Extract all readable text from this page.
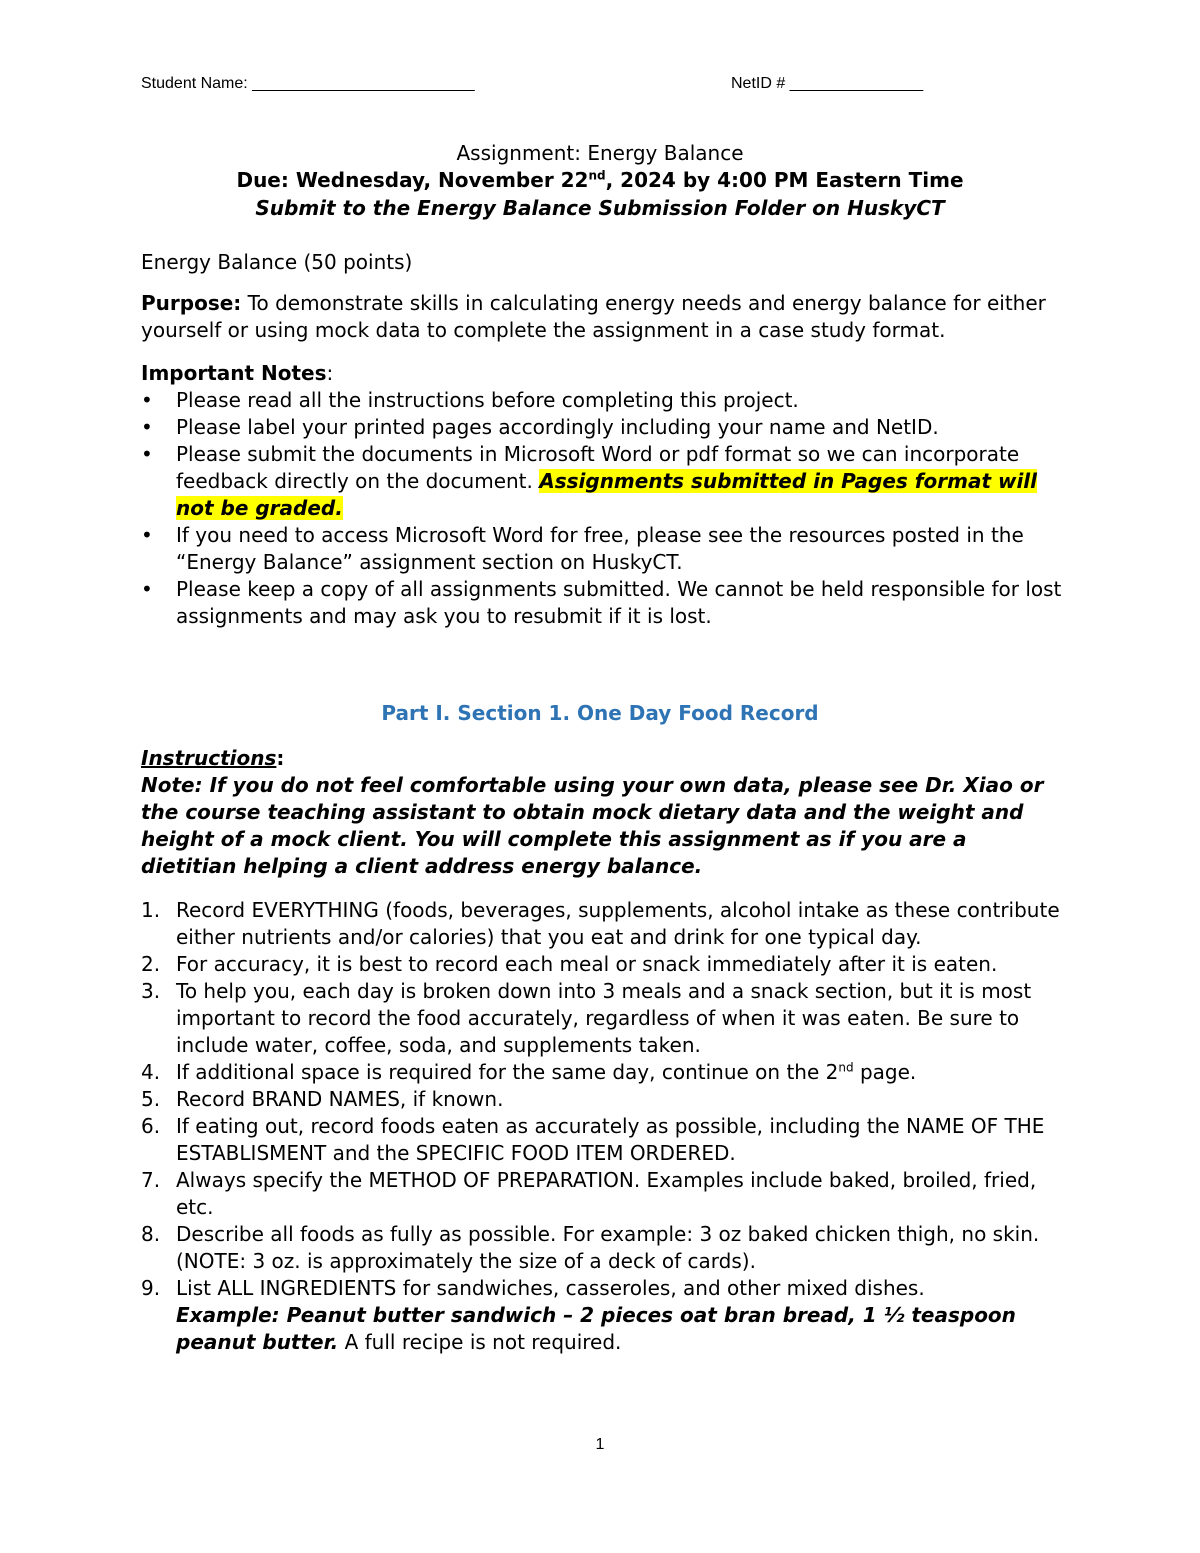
Student Name: _________________________	NetID # _______________
Assignment: Energy Balance
Due: Wednesday, November 22nd, 2024 by 4:00 PM Eastern Time
Submit to the Energy Balance Submission Folder on HuskyCT

Energy Balance (50 points)

Purpose: To demonstrate skills in calculating energy needs and energy balance for either yourself or using mock data to complete the assignment in a case study format.

Important Notes:

• Please read all the instructions before completing this project.
• Please label your printed pages accordingly including your name and NetID.
• Please submit the documents in Microsoft Word or pdf format so we can incorporate feedback directly on the document. Assignments submitted in Pages format will not be graded.
• If you need to access Microsoft Word for free, please see the resources posted in the “Energy Balance” assignment section on HuskyCT.
• Please keep a copy of all assignments submitted. We cannot be held responsible for lost assignments and may ask you to resubmit if it is lost.
Part I. Section 1. One Day Food Record

Instructions:

Note: If you do not feel comfortable using your own data, please see Dr. Xiao or the course teaching assistant to obtain mock dietary data and the weight and height of a mock client. You will complete this assignment as if you are a dietitian helping a client address energy balance.

1. Record EVERYTHING (foods, beverages, supplements, alcohol intake as these contribute either nutrients and/or calories) that you eat and drink for one typical day.
2. For accuracy, it is best to record each meal or snack immediately after it is eaten.
3. To help you, each day is broken down into 3 meals and a snack section, but it is most important to record the food accurately, regardless of when it was eaten. Be sure to include water, coffee, soda, and supplements taken.
4. If additional space is required for the same day, continue on the 2nd page.
5. Record BRAND NAMES, if known.
6. If eating out, record foods eaten as accurately as possible, including the NAME OF THE ESTABLISMENT and the SPECIFIC FOOD ITEM ORDERED.
7. Always specify the METHOD OF PREPARATION. Examples include baked, broiled, fried, etc.
8. Describe all foods as fully as possible. For example: 3 oz baked chicken thigh, no skin. (NOTE: 3 oz. is approximately the size of a deck of cards).
9. List ALL INGREDIENTS for sandwiches, casseroles, and other mixed dishes.
Example: Peanut butter sandwich – 2 pieces oat bran bread, 1 ½ teaspoon peanut butter. A full recipe is not required.
1
